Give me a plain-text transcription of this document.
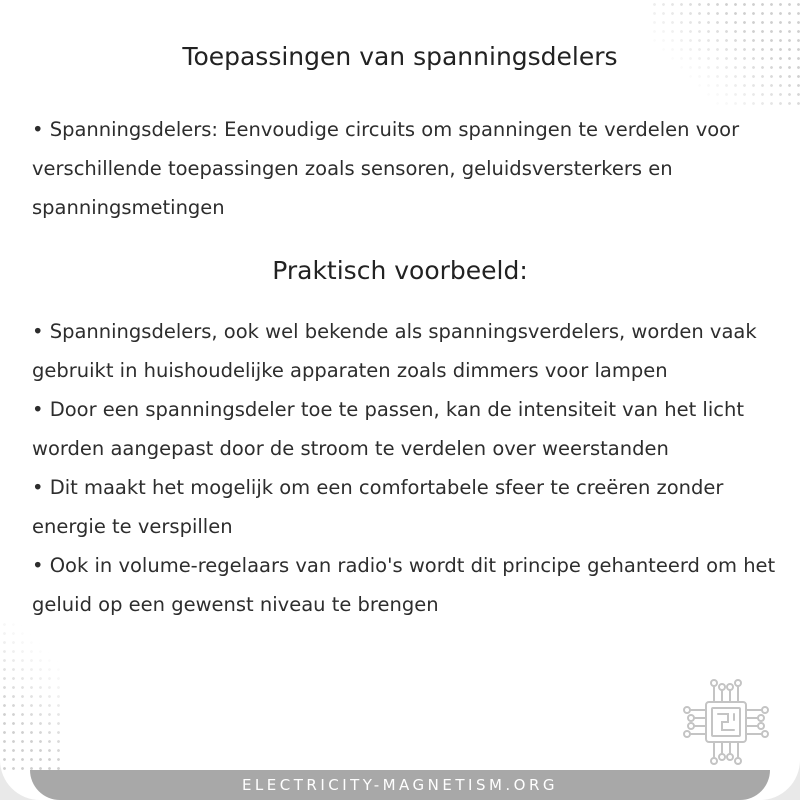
Toepassingen van spanningsdelers

• Spanningsdelers: Eenvoudige circuits om spanningen te verdelen voor verschillende toepassingen zoals sensoren, geluidsversterkers en spanningsmetingen

Praktisch voorbeeld:

• Spanningsdelers, ook wel bekende als spanningsverdelers, worden vaak gebruikt in huishoudelijke apparaten zoals dimmers voor lampen

• Door een spanningsdeler toe te passen, kan de intensiteit van het licht worden aangepast door de stroom te verdelen over weerstanden

• Dit maakt het mogelijk om een comfortabele sfeer te creëren zonder energie te verspillen

• Ook in volume-regelaars van radio's wordt dit principe gehanteerd om het geluid op een gewenst niveau te brengen

ELECTRICITY-MAGNETISM.ORG
